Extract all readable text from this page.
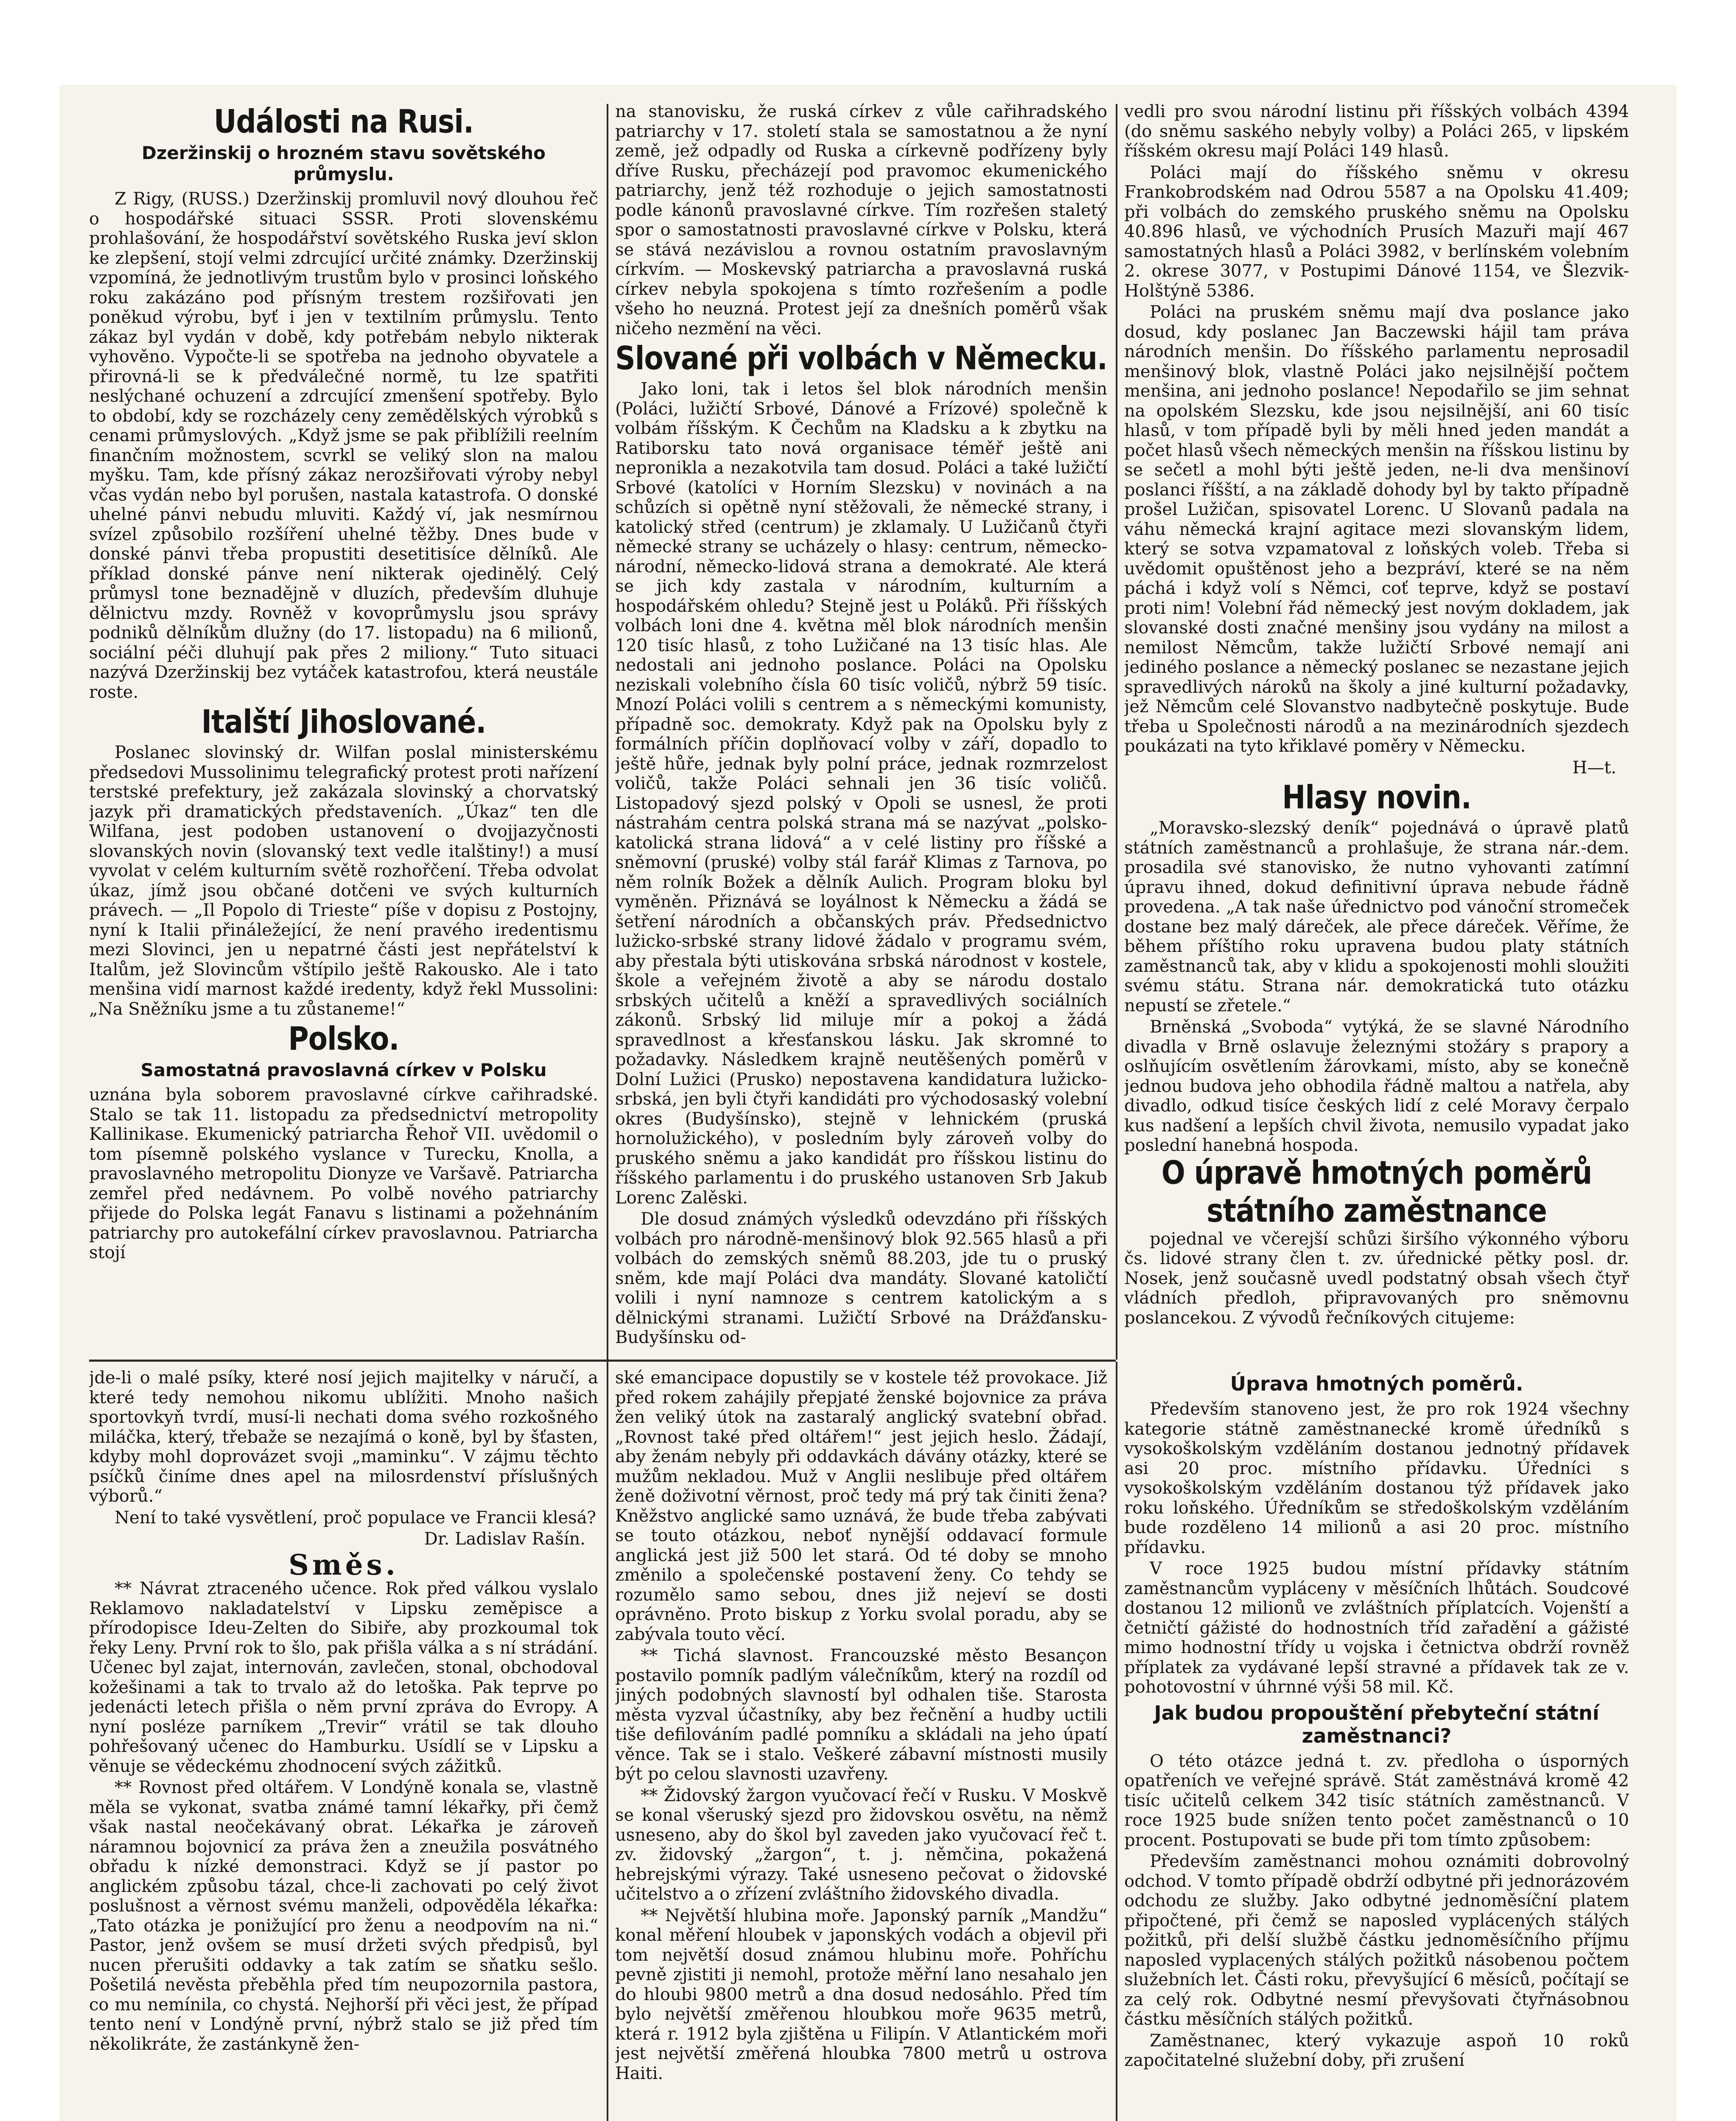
Události na Rusi.
Dzeržinskij o hrozném stavu sovětského průmyslu.

Z Rigy, (RUSS.) Dzeržinskij promluvil nový dlouhou řeč o hospodářské situaci SSSR. Proti slovenskému prohlašování, že hospodářství sovětského Ruska jeví sklon ke zlepšení, stojí velmi zdrcující určité známky. Dzeržinskij vzpomíná, že jednotlivým trustům bylo v prosinci loňského roku zakázáno pod přísným trestem rozšiřovati jen poněkud výrobu, byť i jen v textilním průmyslu. Tento zákaz byl vydán v době, kdy potřebám nebylo nikterak vyhověno. Vypočte-li se spotřeba na jednoho obyvatele a přirovná-li se k předválečné normě, tu lze spatřiti neslýchané ochuzení a zdrcující zmenšení spotřeby. Bylo to období, kdy se rozcházely ceny zemědělských výrobků s cenami průmyslových. „Když jsme se pak přiblížili reelním finančním možnostem, scvrkl se veliký slon na malou myšku. Tam, kde přísný zákaz nerozšiřovati výroby nebyl včas vydán nebo byl porušen, nastala katastrofa. O donské uhelné pánvi nebudu mluviti. Každý ví, jak nesmírnou svízel způsobilo rozšíření uhelné těžby. Dnes bude v donské pánvi třeba propustiti desetitisíce dělníků. Ale příklad donské pánve není nikterak ojedinělý. Celý průmysl tone beznadějně v dluzích, především dluhuje dělnictvu mzdy. Rovněž v kovoprůmyslu jsou správy podniků dělníkům dlužny (do 17. listopadu) na 6 milionů, sociální péči dluhují pak přes 2 miliony.“ Tuto situaci nazývá Dzeržinskij bez vytáček katastrofou, která neustále roste.

Italští Jihoslované.

Poslanec slovinský dr. Wilfan poslal ministerskému předsedovi Mussolinimu telegrafický protest proti nařízení terstské prefektury, jež zakázala slovinský a chorvatský jazyk při dramatických představeních. „Úkaz“ ten dle Wilfana, jest podoben ustanovení o dvojjazyčnosti slovanských novin (slovanský text vedle italštiny!) a musí vyvolat v celém kulturním světě rozhořčení. Třeba odvolat úkaz, jímž jsou občané dotčeni ve svých kulturních právech. — „Il Popolo di Trieste“ píše v dopisu z Postojny, nyní k Italii přináležející, že není pravého iredentismu mezi Slovinci, jen u nepatrné části jest nepřátelství k Italům, jež Slovincům vštípilo ještě Rakousko. Ale i tato menšina vidí marnost každé iredenty, když řekl Mussolini: „Na Sněžníku jsme a tu zůstaneme!“

Polsko.
Samostatná pravoslavná církev v Polsku

uznána byla soborem pravoslavné církve cařihradské. Stalo se tak 11. listopadu za předsednictví metropolity Kallinikase. Ekumenický patriarcha Řehoř VII. uvědomil o tom písemně polského vyslance v Turecku, Knolla, a pravoslavného metropolitu Dionyze ve Varšavě. Patriarcha zemřel před nedávnem. Po volbě nového patriarchy přijede do Polska legát Fanavu s listinami a požehnáním patriarchy pro autokefální církev pravoslavnou. Patriarcha stojí

na stanovisku, že ruská církev z vůle cařihradského patriarchy v 17. století stala se samostatnou a že nyní země, jež odpadly od Ruska a církevně podřízeny byly dříve Rusku, přecházejí pod pravomoc ekumenického patriarchy, jenž též rozhoduje o jejich samostatnosti podle kánonů pravoslavné církve. Tím rozřešen staletý spor o samostatnosti pravoslavné církve v Polsku, která se stává nezávislou a rovnou ostatním pravoslavným církvím. — Moskevský patriarcha a pravoslavná ruská církev nebyla spokojena s tímto rozřešením a podle všeho ho neuzná. Protest její za dnešních poměrů však ničeho nezmění na věci.

Slované při volbách v Německu.

Jako loni, tak i letos šel blok národních menšin (Poláci, lužičtí Srbové, Dánové a Frízové) společně k volbám říšským. K Čechům na Kladsku a k zbytku na Ratiborsku tato nová organisace téměř ještě ani nepronikla a nezakotvila tam dosud. Poláci a také lužičtí Srbové (katolíci v Horním Slezsku) v novinách a na schůzích si opětně nyní stěžovali, že německé strany, i katolický střed (centrum) je zklamaly. U Lužičanů čtyři německé strany se ucházely o hlasy: centrum, německo-národní, německo-lidová strana a demokraté. Ale která se jich kdy zastala v národním, kulturním a hospodářském ohledu? Stejně jest u Poláků. Při říšských volbách loni dne 4. května měl blok národních menšin 120 tisíc hlasů, z toho Lužičané na 13 tisíc hlas. Ale nedostali ani jednoho poslance. Poláci na Opolsku neziskali volebního čísla 60 tisíc voličů, nýbrž 59 tisíc. Mnozí Poláci volili s centrem a s německými komunisty, případně soc. demokraty. Když pak na Opolsku byly z formálních příčin doplňovací volby v září, dopadlo to ještě hůře, jednak byly polní práce, jednak rozmrzelost voličů, takže Poláci sehnali jen 36 tisíc voličů. Listopadový sjezd polský v Opoli se usnesl, že proti nástrahám centra polská strana má se nazývat „polsko-katolická strana lidová“ a v celé listiny pro říšské a sněmovní (pruské) volby stál farář Klimas z Tarnova, po něm rolník Božek a dělník Aulich. Program bloku byl vyměněn. Přiznává se loyálnost k Německu a žádá se šetření národních a občanských práv. Předsednictvo lužicko-srbské strany lidové žádalo v programu svém, aby přestala býti utiskována srbská národnost v kostele, škole a veřejném životě a aby se národu dostalo srbských učitelů a kněží a spravedlivých sociálních zákonů. Srbský lid miluje mír a pokoj a žádá spravedlnost a křesťanskou lásku. Jak skromné to požadavky. Následkem krajně neutěšených poměrů v Dolní Lužici (Prusko) nepostavena kandidatura lužicko-srbská, jen byli čtyři kandidáti pro východosaský volební okres (Budyšínsko), stejně v lehnickém (pruská hornolužického), v posledním byly zároveň volby do pruského sněmu a jako kandidát pro říšskou listinu do říšského parlamentu i do pruského ustanoven Srb Jakub Lorenc Zalěski.

Dle dosud známých výsledků odevzdáno při říšských volbách pro národně-menšinový blok 92.565 hlasů a při volbách do zemských sněmů 88.203, jde tu o pruský sněm, kde mají Poláci dva mandáty. Slované katoličtí volili i nyní namnoze s centrem katolickým a s dělnickými stranami. Lužičtí Srbové na Drážďansku-Budyšínsku od-

vedli pro svou národní listinu při říšských volbách 4394 (do sněmu saského nebyly volby) a Poláci 265, v lipském říšském okresu mají Poláci 149 hlasů.

Poláci mají do říšského sněmu v okresu Frankobrodském nad Odrou 5587 a na Opolsku 41.409; při volbách do zemského pruského sněmu na Opolsku 40.896 hlasů, ve východních Prusích Mazuři mají 467 samostatných hlasů a Poláci 3982, v berlínském volebním 2. okrese 3077, v Postupimi Dánové 1154, ve Šlezvik-Holštýně 5386.

Poláci na pruském sněmu mají dva poslance jako dosud, kdy poslanec Jan Baczewski hájil tam práva národních menšin. Do říšského parlamentu neprosadil menšinový blok, vlastně Poláci jako nejsilnější počtem menšina, ani jednoho poslance! Nepodařilo se jim sehnat na opolském Slezsku, kde jsou nejsilnější, ani 60 tisíc hlasů, v tom případě byli by měli hned jeden mandát a počet hlasů všech německých menšin na říšskou listinu by se sečetl a mohl býti ještě jeden, ne-li dva menšinoví poslanci říšští, a na základě dohody byl by takto případně prošel Lužičan, spisovatel Lorenc. U Slovanů padala na váhu německá krajní agitace mezi slovanským lidem, který se sotva vzpamatoval z loňských voleb. Třeba si uvědomit opuštěnost jeho a bezpráví, které se na něm páchá i když volí s Němci, coť teprve, když se postaví proti nim! Volební řád německý jest novým dokladem, jak slovanské dosti značné menšiny jsou vydány na milost a nemilost Němcům, takže lužičtí Srbové nemají ani jediného poslance a německý poslanec se nezastane jejich spravedlivých nároků na školy a jiné kulturní požadavky, jež Němcům celé Slovanstvo nadbytečně poskytuje. Bude třeba u Společnosti národů a na mezinárodních sjezdech poukázati na tyto křiklavé poměry v Německu.

H—t.
Hlasy novin.

„Moravsko-slezský deník“ pojednává o úpravě platů státních zaměstnanců a prohlašuje, že strana nár.-dem. prosadila své stanovisko, že nutno vyhovanti zatímní úpravu ihned, dokud definitivní úprava nebude řádně provedena. „A tak naše úřednictvo pod vánoční stromeček dostane bez malý dáreček, ale přece dáreček. Věříme, že během příštího roku upravena budou platy státních zaměstnanců tak, aby v klidu a spokojenosti mohli sloužiti svému státu. Strana nár. demokratická tuto otázku nepustí se zřetele.“

Brněnská „Svoboda“ vytýká, že se slavné Národního divadla v Brně oslavuje železnými stožáry s prapory a oslňujícím osvětlením žárovkami, místo, aby se konečně jednou budova jeho obhodila řádně maltou a natřela, aby divadlo, odkud tisíce českých lidí z celé Moravy čerpalo kus nadšení a lepších chvil života, nemusilo vypadat jako poslední hanebná hospoda.

O úpravě hmotných poměrů státního zaměstnance

pojednal ve včerejší schůzi širšího výkonného výboru čs. lidové strany člen t. zv. úřednické pětky posl. dr. Nosek, jenž současně uvedl podstatný obsah všech čtyř vládních předloh, připravovaných pro sněmovnu poslancekou. Z vývodů řečníkových citujeme:

jde-li o malé psíky, které nosí jejich majitelky v náručí, a které tedy nemohou nikomu ublížiti. Mnoho našich sportovkyň tvrdí, musí-li nechati doma svého rozkošného miláčka, který, třebaže se nezajímá o koně, byl by šťasten, kdyby mohl doprovázet svoji „maminku“. V zájmu těchto psíčků činíme dnes apel na milosrdenství příslušných výborů.“

Není to také vysvětlení, proč populace ve Francii klesá?

Dr. Ladislav Rašín.
Směs.

** Návrat ztraceného učence. Rok před válkou vyslalo Reklamovo nakladatelství v Lipsku zeměpisce a přírodopisce Ideu-Zelten do Sibiře, aby prozkoumal tok řeky Leny. První rok to šlo, pak přišla válka a s ní strádání. Učenec byl zajat, internován, zavlečen, stonal, obchodoval kožešinami a tak to trvalo až do letoška. Pak teprve po jedenácti letech přišla o něm první zpráva do Evropy. A nyní posléze parníkem „Trevir“ vrátil se tak dlouho pohřešovaný učenec do Hamburku. Usídlí se v Lipsku a věnuje se vědeckému zhodnocení svých zážitků.

** Rovnost před oltářem. V Londýně konala se, vlastně měla se vykonat, svatba známé tamní lékařky, při čemž však nastal neočekávaný obrat. Lékařka je zároveň náramnou bojovnicí za práva žen a zneužila posvátného obřadu k nízké demonstraci. Když se jí pastor po anglickém způsobu tázal, chce-li zachovati po celý život poslušnost a věrnost svému manželi, odpověděla lékařka: „Tato otázka je ponižující pro ženu a neodpovím na ni.“ Pastor, jenž ovšem se musí držeti svých předpisů, byl nucen přerušiti oddavky a tak zatím se sňatku sešlo. Pošetilá nevěsta přeběhla před tím neupozornila pastora, co mu nemínila, co chystá. Nejhorší při věci jest, že případ tento není v Londýně první, nýbrž stalo se již před tím několikráte, že zastánkyně žen-

ské emancipace dopustily se v kostele též provokace. Již před rokem zahájily přepjaté ženské bojovnice za práva žen veliký útok na zastaralý anglický svatební obřad. „Rovnost také před oltářem!“ jest jejich heslo. Žádají, aby ženám nebyly při oddavkách dávány otázky, které se mužům nekladou. Muž v Anglii neslibuje před oltářem ženě doživotní věrnost, proč tedy má prý tak činiti žena? Kněžstvo anglické samo uznává, že bude třeba zabývati se touto otázkou, neboť nynější oddavací formule anglická jest již 500 let stará. Od té doby se mnoho změnilo a společenské postavení ženy. Co tehdy se rozumělo samo sebou, dnes již nejeví se dosti oprávněno. Proto biskup z Yorku svolal poradu, aby se zabývala touto věcí.

** Tichá slavnost. Francouzské město Besançon postavilo pomník padlým válečníkům, který na rozdíl od jiných podobných slavností byl odhalen tiše. Starosta města vyzval účastníky, aby bez řečnění a hudby uctili tiše defilováním padlé pomníku a skládali na jeho úpatí věnce. Tak se i stalo. Veškeré zábavní místnosti musily být po celou slavnosti uzavřeny.

** Židovský žargon vyučovací řečí v Rusku. V Moskvě se konal všeruský sjezd pro židovskou osvětu, na němž usneseno, aby do škol byl zaveden jako vyučovací řeč t. zv. židovský „žargon“, t. j. němčina, pokažená hebrejskými výrazy. Také usneseno pečovat o židovské učitelstvo a o zřízení zvláštního židovského divadla.

** Největší hlubina moře. Japonský parník „Mandžu“ konal měření hloubek v japonských vodách a objevil při tom největší dosud známou hlubinu moře. Pohříchu pevně zjistiti ji nemohl, protože měřní lano nesahalo jen do hloubi 9800 metrů a dna dosud nedosáhlo. Před tím bylo největší změřenou hloubkou moře 9635 metrů, která r. 1912 byla zjištěna u Filipín. V Atlantickém moři jest největší změřená hloubka 7800 metrů u ostrova Haiti.

Úprava hmotných poměrů.

Především stanoveno jest, že pro rok 1924 všechny kategorie státně zaměstnanecké kromě úředníků s vysokoškolským vzděláním dostanou jednotný přídavek asi 20 proc. místního přídavku. Úředníci s vysokoškolským vzděláním dostanou týž přídavek jako roku loňského. Úředníkům se středoškolským vzděláním bude rozděleno 14 milionů a asi 20 proc. místního přídavku.

V roce 1925 budou místní přídavky státním zaměstnancům vypláceny v měsíčních lhůtách. Soudcové dostanou 12 milionů ve zvláštních příplatcích. Vojenští a četničtí gážisté do hodnostních tříd zařadění a gážisté mimo hodnostní třídy u vojska i četnictva obdrží rovněž příplatek za vydávané lepší stravné a přídavek tak ze v. pohotovostní v úhrnné výši 58 mil. Kč.

Jak budou propouštění přebyteční státní zaměstnanci?

O této otázce jedná t. zv. předloha o úsporných opatřeních ve veřejné správě. Stát zaměstnává kromě 42 tisíc učitelů celkem 342 tisíc státních zaměstnanců. V roce 1925 bude snížen tento počet zaměstnanců o 10 procent. Postupovati se bude při tom tímto způsobem:

Především zaměstnanci mohou oznámiti dobrovolný odchod. V tomto případě obdrží odbytné při jednorázovém odchodu ze služby. Jako odbytné jednoměsíční platem připočtené, při čemž se naposled vyplácených stálých požitků, při delší službě částku jednoměsíčního příjmu naposled vyplacených stálých požitků násobenou počtem služebních let. Části roku, převyšující 6 měsíců, počítají se za celý rok. Odbytné nesmí převyšovati čtyřnásobnou částku měsíčních stálých požitků.

Zaměstnanec, který vykazuje aspoň 10 roků započitatelné služební doby, při zrušení
